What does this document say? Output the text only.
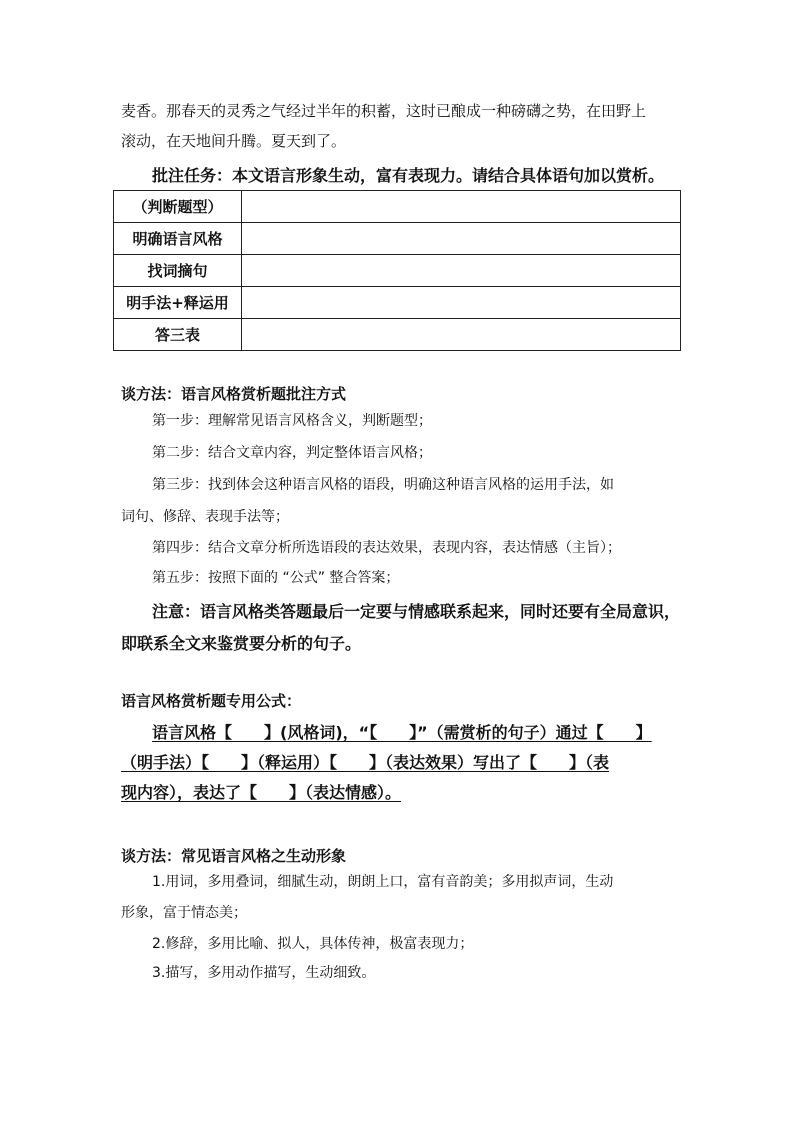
麦香。那春天的灵秀之气经过半年的积蓄，这时已酿成一种磅礴之势，在田野上
滚动，在天地间升腾。夏天到了。
批注任务：本文语言形象生动，富有表现力。请结合具体语句加以赏析。
（判断题型）	
明确语言风格	
找词摘句	
明手法+释运用	
答三表	
谈方法：语言风格赏析题批注方式
第一步：理解常见语言风格含义，判断题型；
第二步：结合文章内容，判定整体语言风格；
第三步：找到体会这种语言风格的语段，明确这种语言风格的运用手法，如
词句、修辞、表现手法等；
第四步：结合文章分析所选语段的表达效果，表现内容，表达情感（主旨）；
第五步：按照下面的 “公式” 整合答案；
注意：语言风格类答题最后一定要与情感联系起来，同时还要有全局意识，
即联系全文来鉴赏要分析的句子。
语言风格赏析题专用公式：
语言风格【　　】(风格词)，“【　　】”（需赏析的句子）通过【　　】
（明手法）【　　】（释运用）【　　】（表达效果）写出了【　　】（表
现内容），表达了【　　】（表达情感）。
谈方法：常见语言风格之生动形象
1.用词，多用叠词，细腻生动，朗朗上口，富有音韵美；多用拟声词，生动
形象，富于情态美；
2.修辞，多用比喻、拟人，具体传神，极富表现力；
3.描写，多用动作描写，生动细致。
